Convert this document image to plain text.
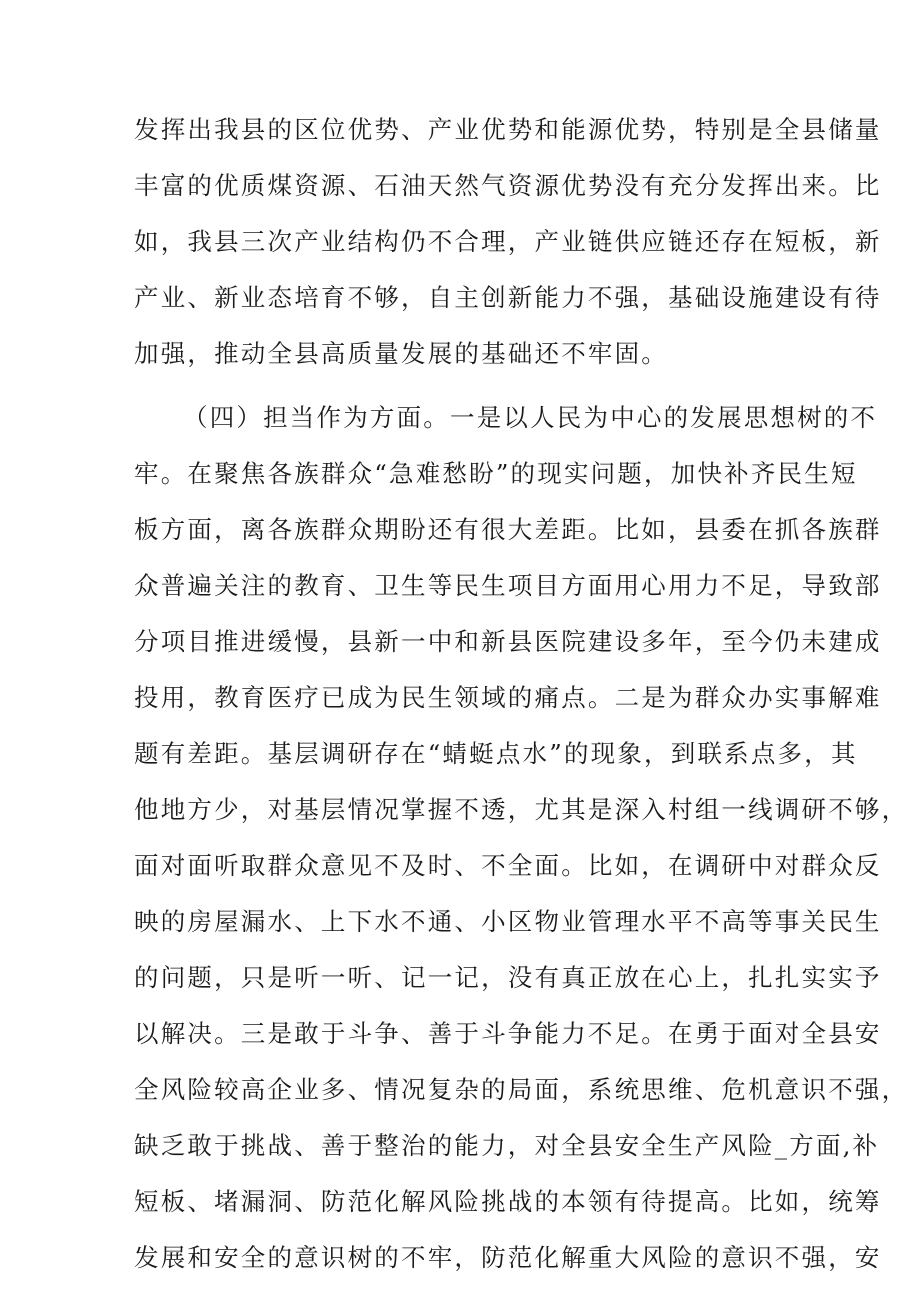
发挥出我县的区位优势、产业优势和能源优势，特别是全县储量
丰富的优质煤资源、石油天然气资源优势没有充分发挥出来。比
如，我县三次产业结构仍不合理，产业链供应链还存在短板，新
产业、新业态培育不够，自主创新能力不强，基础设施建设有待
加强，推动全县高质量发展的基础还不牢固。
（四）担当作为方面。一是以人民为中心的发展思想树的不
牢。在聚焦各族群众“急难愁盼”的现实问题，加快补齐民生短
板方面，离各族群众期盼还有很大差距。比如，县委在抓各族群
众普遍关注的教育、卫生等民生项目方面用心用力不足，导致部
分项目推进缓慢，县新一中和新县医院建设多年，至今仍未建成
投用，教育医疗已成为民生领域的痛点。二是为群众办实事解难
题有差距。基层调研存在“蜻蜓点水”的现象，到联系点多，其
他地方少，对基层情况掌握不透，尤其是深入村组一线调研不够，
面对面听取群众意见不及时、不全面。比如，在调研中对群众反
映的房屋漏水、上下水不通、小区物业管理水平不高等事关民生
的问题，只是听一听、记一记，没有真正放在心上，扎扎实实予
以解决。三是敢于斗争、善于斗争能力不足。在勇于面对全县安
全风险较高企业多、情况复杂的局面，系统思维、危机意识不强，
缺乏敢于挑战、善于整治的能力，对全县安全生产风险_方面,补
短板、堵漏洞、防范化解风险挑战的本领有待提高。比如，统筹
发展和安全的意识树的不牢，防范化解重大风险的意识不强，安
